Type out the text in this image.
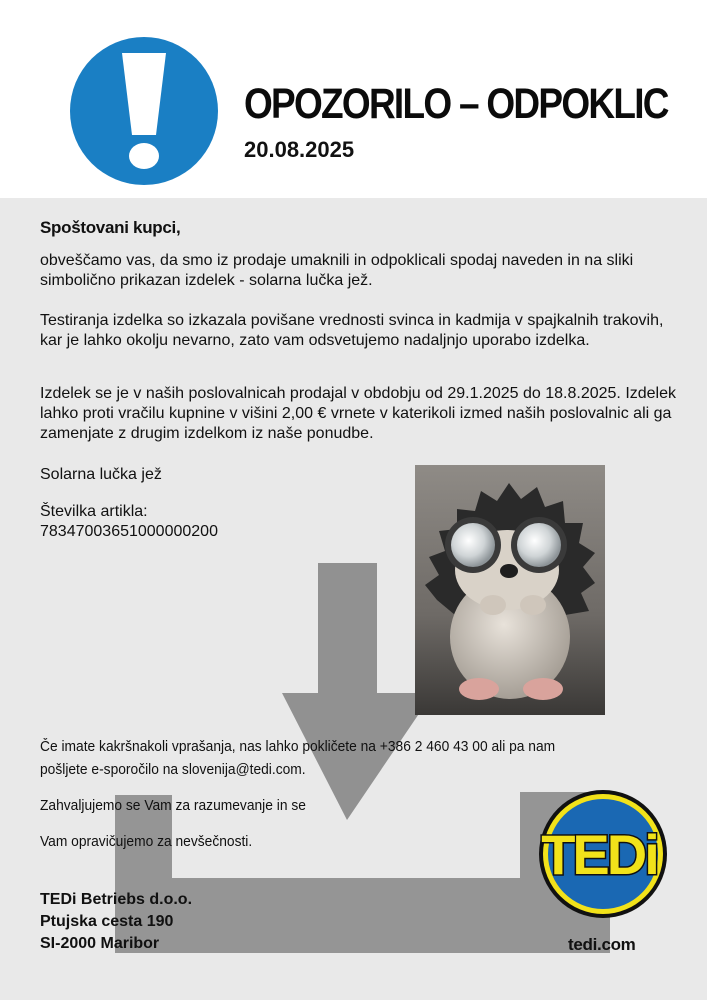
OPOZORILO – ODPOKLIC
20.08.2025
Spoštovani kupci,
obveščamo vas, da smo iz prodaje umaknili in odpoklicali spodaj naveden in na sliki simbolično prikazan izdelek - solarna lučka jež.
Testiranja izdelka so izkazala povišane vrednosti svinca in kadmija v spajkalnih trakovih, kar je lahko okolju nevarno, zato vam odsvetujemo nadaljnjo uporabo izdelka.
Izdelek se je v naših poslovalnicah prodajal v obdobju od 29.1.2025 do 18.8.2025. Izdelek lahko proti vračilu kupnine v višini 2,00 € vrnete v katerikoli izmed naših poslovalnic ali ga zamenjate z drugim izdelkom iz naše ponudbe.
Solarna lučka jež
Številka artikla:
78347003651000000200
Če imate kakršnakoli vprašanja, nas lahko pokličete na +386 2 460 43 00 ali pa nam pošljete e-sporočilo na slovenija@tedi.com.
Zahvaljujemo se Vam za razumevanje in se
Vam opravičujemo za nevšečnosti.
TEDi Betriebs d.o.o.
Ptujska cesta 190
SI-2000 Maribor
TEDi
tedi.com
